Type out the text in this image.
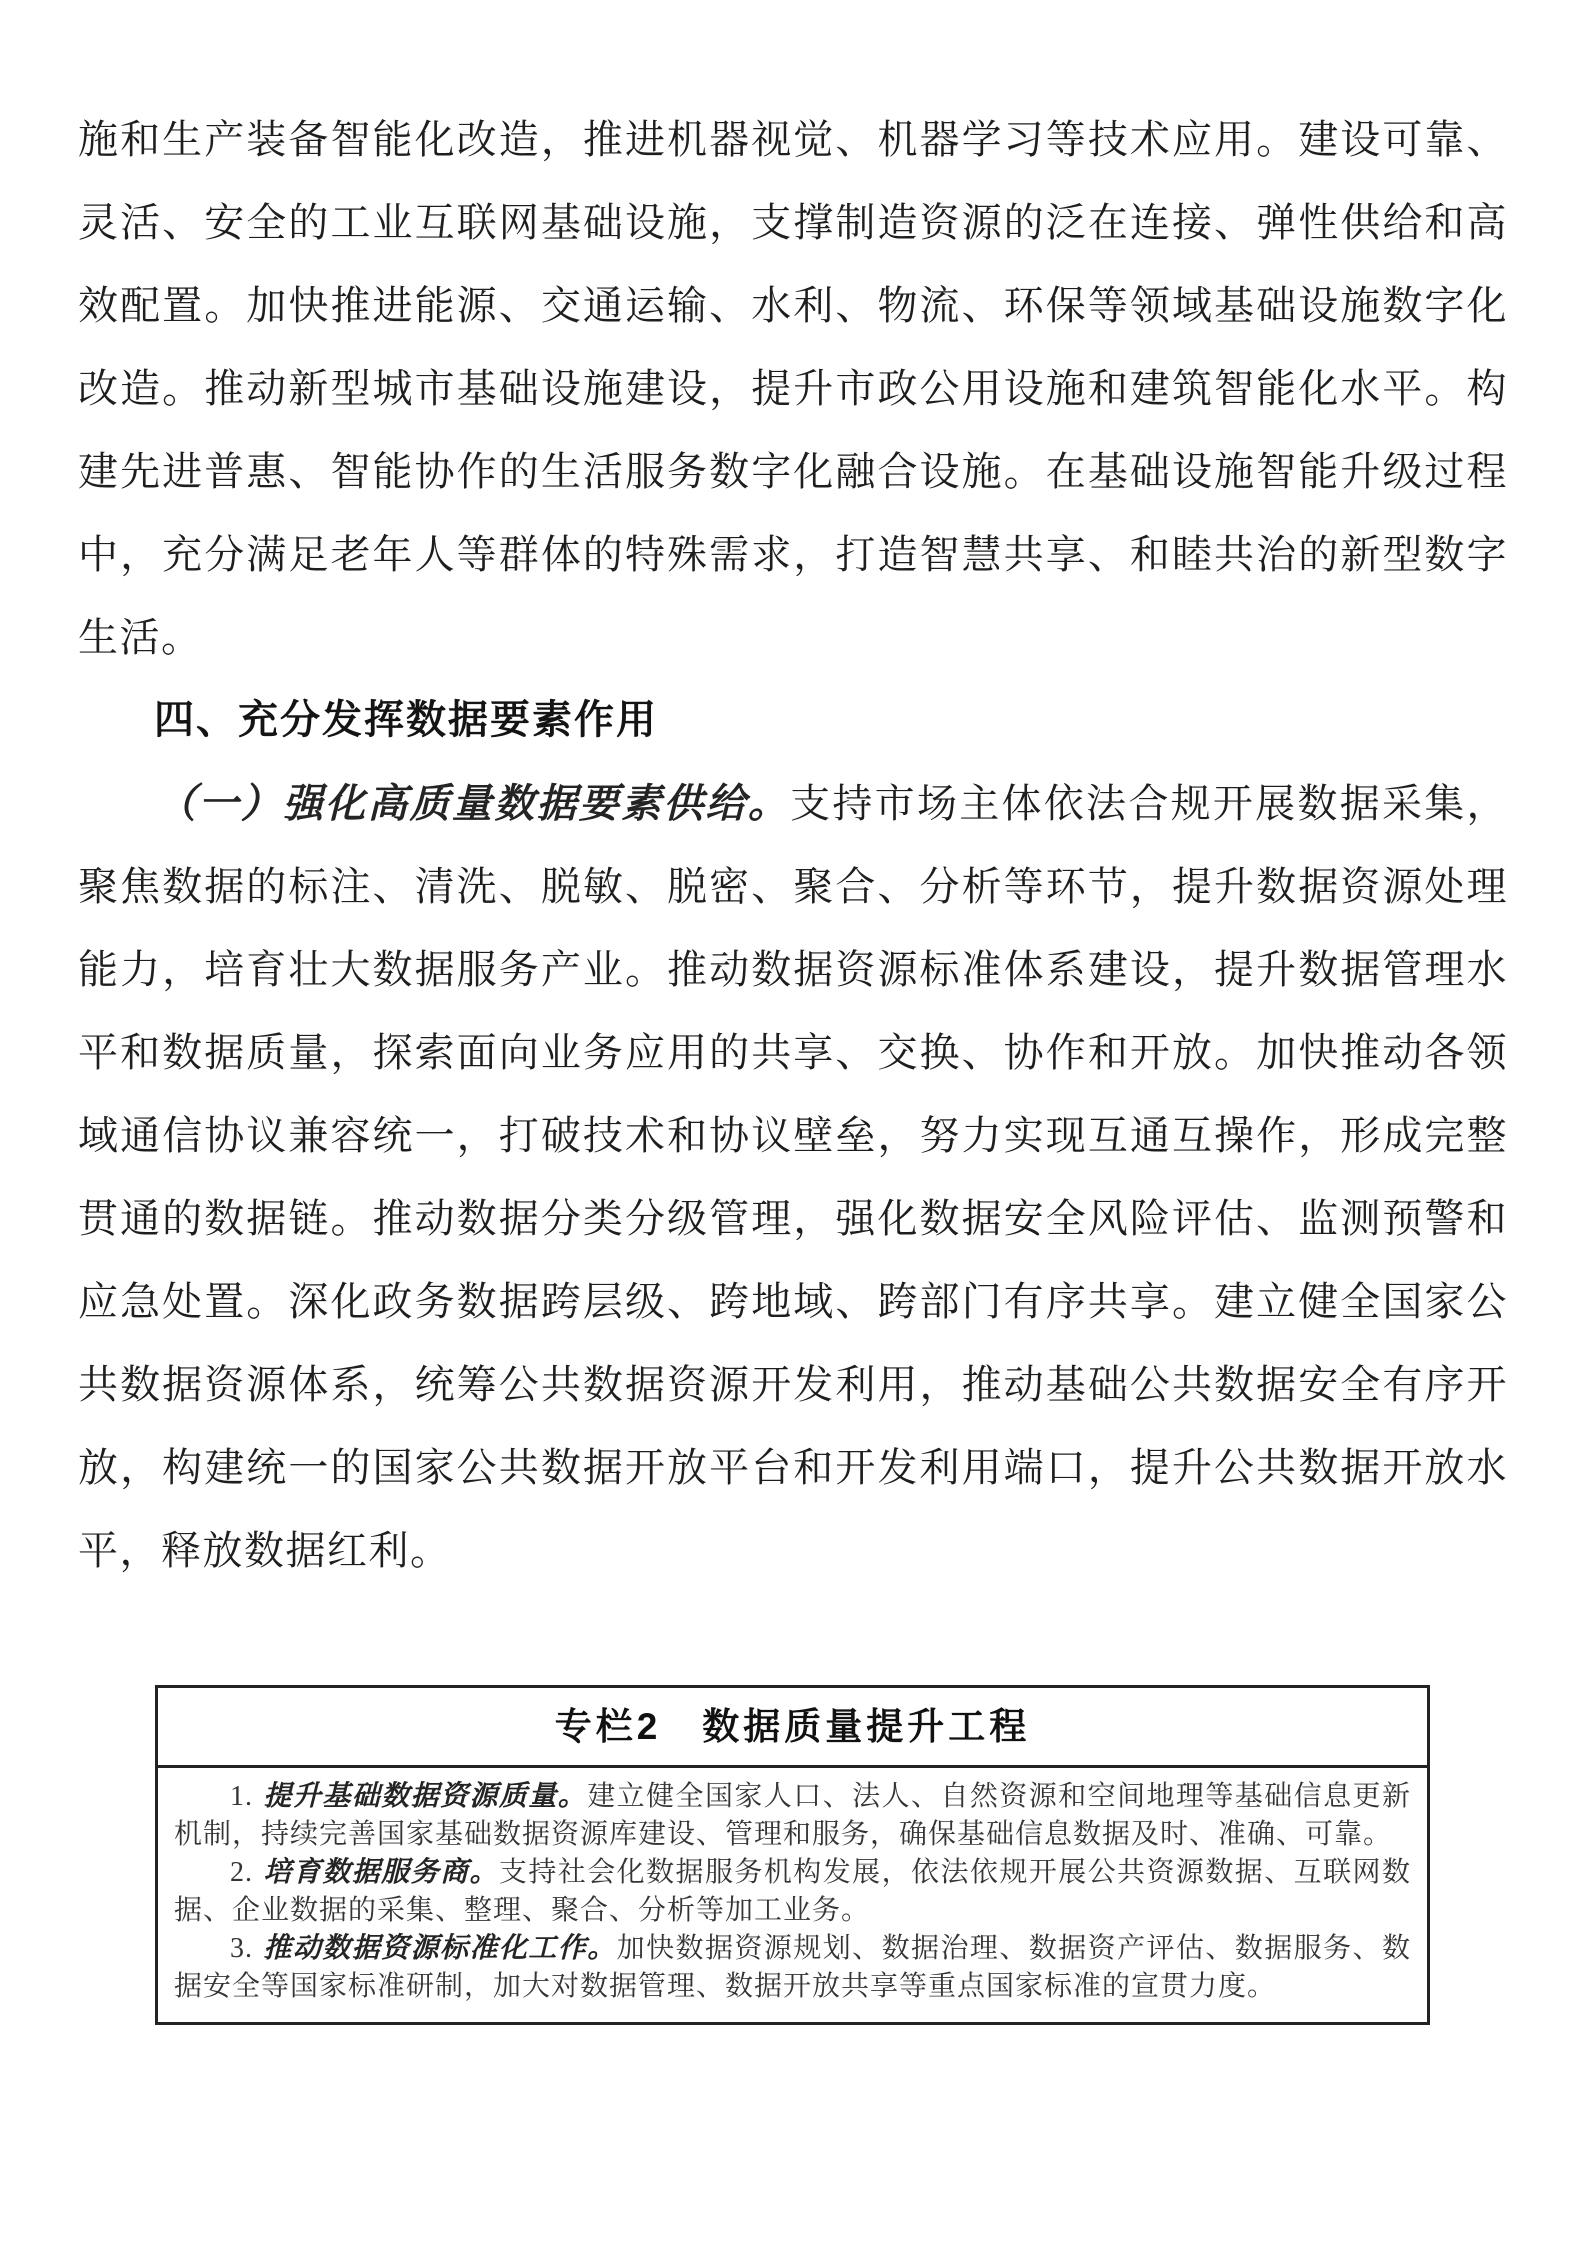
施和生产装备智能化改造，推进机器视觉、机器学习等技术应用。建设可靠、灵活、安全的工业互联网基础设施，支撑制造资源的泛在连接、弹性供给和高效配置。加快推进能源、交通运输、水利、物流、环保等领域基础设施数字化改造。推动新型城市基础设施建设，提升市政公用设施和建筑智能化水平。构建先进普惠、智能协作的生活服务数字化融合设施。在基础设施智能升级过程中，充分满足老年人等群体的特殊需求，打造智慧共享、和睦共治的新型数字生活。

四、充分发挥数据要素作用

（一）强化高质量数据要素供给。支持市场主体依法合规开展数据采集，聚焦数据的标注、清洗、脱敏、脱密、聚合、分析等环节，提升数据资源处理能力，培育壮大数据服务产业。推动数据资源标准体系建设，提升数据管理水平和数据质量，探索面向业务应用的共享、交换、协作和开放。加快推动各领域通信协议兼容统一，打破技术和协议壁垒，努力实现互通互操作，形成完整贯通的数据链。推动数据分类分级管理，强化数据安全风险评估、监测预警和应急处置。深化政务数据跨层级、跨地域、跨部门有序共享。建立健全国家公共数据资源体系，统筹公共数据资源开发利用，推动基础公共数据安全有序开放，构建统一的国家公共数据开放平台和开发利用端口，提升公共数据开放水平，释放数据红利。

专栏2　数据质量提升工程

1. 提升基础数据资源质量。建立健全国家人口、法人、自然资源和空间地理等基础信息更新机制，持续完善国家基础数据资源库建设、管理和服务，确保基础信息数据及时、准确、可靠。

2. 培育数据服务商。支持社会化数据服务机构发展，依法依规开展公共资源数据、互联网数据、企业数据的采集、整理、聚合、分析等加工业务。

3. 推动数据资源标准化工作。加快数据资源规划、数据治理、数据资产评估、数据服务、数据安全等国家标准研制，加大对数据管理、数据开放共享等重点国家标准的宣贯力度。
